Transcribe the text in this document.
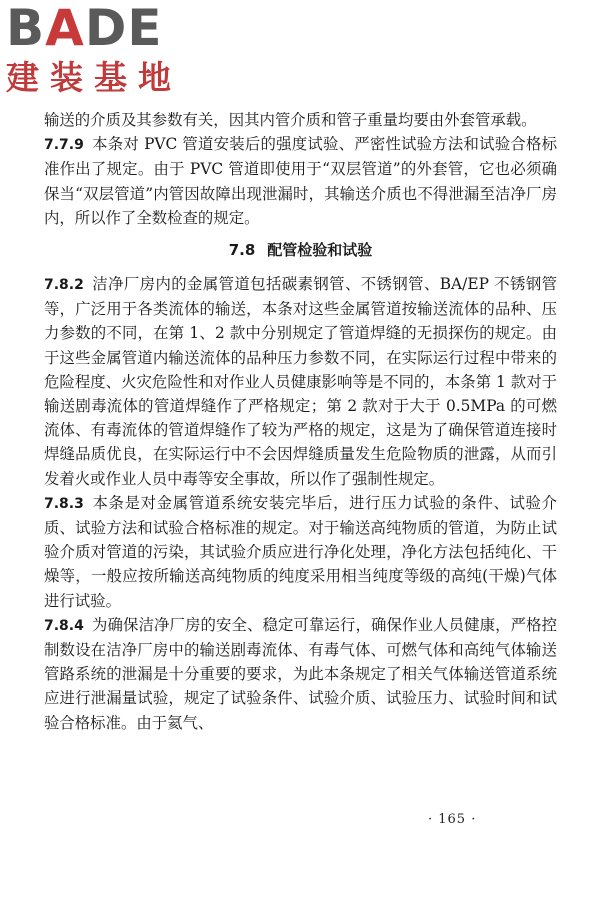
BADE
建装基地

输送的介质及其参数有关，因其内管介质和管子重量均要由外套管承载。

7.7.9 本条对 PVC 管道安装后的强度试验、严密性试验方法和试验合格标准作出了规定。由于 PVC 管道即使用于“双层管道”的外套管，它也必须确保当“双层管道”内管因故障出现泄漏时，其输送介质也不得泄漏至洁净厂房内，所以作了全数检查的规定。

7.8 配管检验和试验

7.8.2 洁净厂房内的金属管道包括碳素钢管、不锈钢管、BA/EP 不锈钢管等，广泛用于各类流体的输送，本条对这些金属管道按输送流体的品种、压力参数的不同，在第 1、2 款中分别规定了管道焊缝的无损探伤的规定。由于这些金属管道内输送流体的品种压力参数不同，在实际运行过程中带来的危险程度、火灾危险性和对作业人员健康影响等是不同的，本条第 1 款对于输送剧毒流体的管道焊缝作了严格规定；第 2 款对于大于 0.5MPa 的可燃流体、有毒流体的管道焊缝作了较为严格的规定，这是为了确保管道连接时焊缝品质优良，在实际运行中不会因焊缝质量发生危险物质的泄露，从而引发着火或作业人员中毒等安全事故，所以作了强制性规定。

7.8.3 本条是对金属管道系统安装完毕后，进行压力试验的条件、试验介质、试验方法和试验合格标准的规定。对于输送高纯物质的管道，为防止试验介质对管道的污染，其试验介质应进行净化处理，净化方法包括纯化、干燥等，一般应按所输送高纯物质的纯度采用相当纯度等级的高纯(干燥)气体进行试验。

7.8.4 为确保洁净厂房的安全、稳定可靠运行，确保作业人员健康，严格控制数设在洁净厂房中的输送剧毒流体、有毒气体、可燃气体和高纯气体输送管路系统的泄漏是十分重要的要求，为此本条规定了相关气体输送管道系统应进行泄漏量试验，规定了试验条件、试验介质、试验压力、试验时间和试验合格标准。由于氦气、

· 165 ·
